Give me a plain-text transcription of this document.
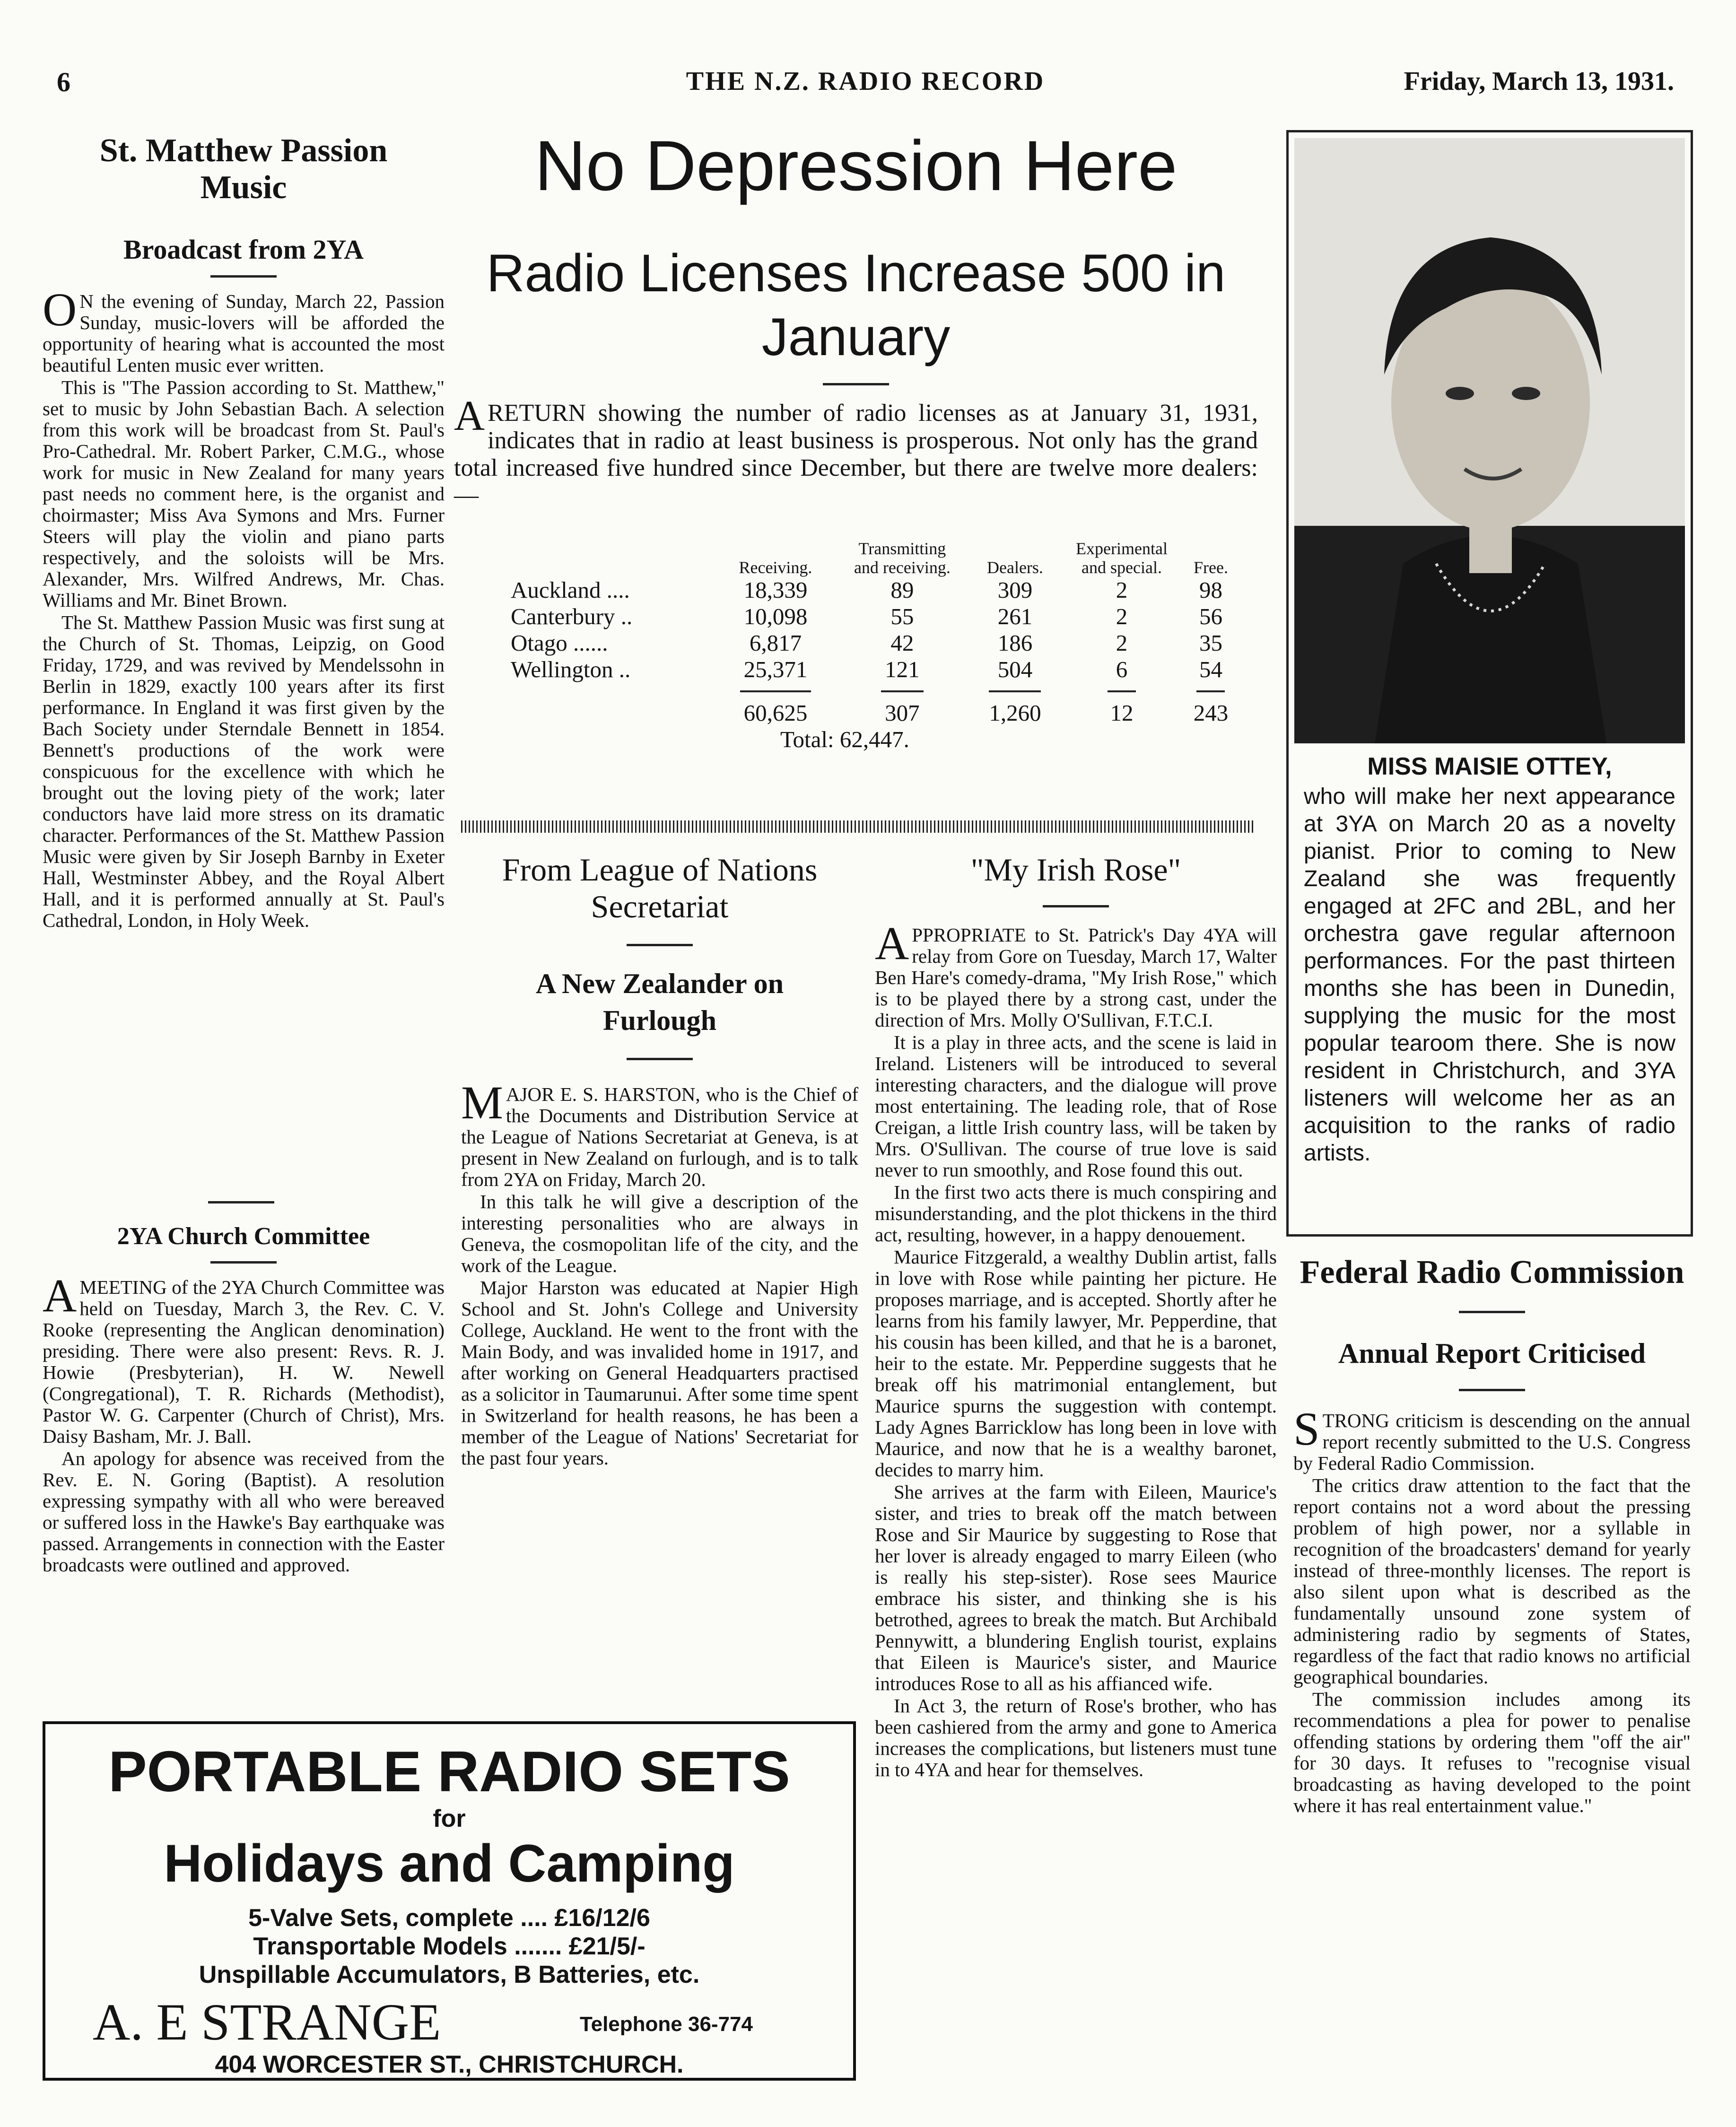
6	THE N.Z. RADIO RECORD	Friday, March 13, 1931.
St. Matthew Passion Music
Broadcast from 2YA

O N the evening of Sunday, March 22, Passion Sunday, music-lovers will be afforded the opportunity of hearing what is accounted the most beautiful Lenten music ever written.

This is "The Passion according to St. Matthew," set to music by John Sebastian Bach. A selection from this work will be broadcast from St. Paul's Pro-Cathedral. Mr. Robert Parker, C.M.G., whose work for music in New Zealand for many years past needs no comment here, is the organist and choirmaster; Miss Ava Symons and Mrs. Furner Steers will play the violin and piano parts respectively, and the soloists will be Mrs. Alexander, Mrs. Wilfred Andrews, Mr. Chas. Williams and Mr. Binet Brown.

The St. Matthew Passion Music was first sung at the Church of St. Thomas, Leipzig, on Good Friday, 1729, and was revived by Mendelssohn in Berlin in 1829, exactly 100 years after its first performance. In England it was first given by the Bach Society under Sterndale Bennett in 1854. Bennett's productions of the work were conspicuous for the excellence with which he brought out the loving piety of the work; later conductors have laid more stress on its dramatic character. Performances of the St. Matthew Passion Music were given by Sir Joseph Barnby in Exeter Hall, Westminster Abbey, and the Royal Albert Hall, and it is performed annually at St. Paul's Cathedral, London, in Holy Week.

2YA Church Committee

AMEETING of the 2YA Church Committee was held on Tuesday, March 3, the Rev. C. V. Rooke (representing the Anglican denomination) presiding. There were also present: Revs. R. J. Howie (Presbyterian), H. W. Newell (Congregational), T. R. Richards (Methodist), Pastor W. G. Carpenter (Church of Christ), Mrs. Daisy Basham, Mr. J. Ball.

An apology for absence was received from the Rev. E. N. Goring (Baptist). A resolution expressing sympathy with all who were bereaved or suffered loss in the Hawke's Bay earthquake was passed. Arrangements in connection with the Easter broadcasts were outlined and approved.

PORTABLE RADIO SETS
for
Holidays and Camping
5-Valve Sets, complete .... £16/12/6
Transportable Models ....... £21/5/-
Unspillable Accumulators, B Batteries, etc.
A. E STRANGE	Telephone 36-774
404 WORCESTER ST., CHRISTCHURCH.
No Depression Here
Radio Licenses Increase 500 in January

ARETURN showing the number of radio licenses as at January 31, 1931, indicates that in radio at least business is prosperous. Not only has the grand total increased five hundred since December, but there are twelve more dealers:—

	Receiving.	Transmitting and receiving.	Dealers.	Experimental and special.	Free.
Auckland ....	18,339	89	309	2	98
Canterbury ..	10,098	55	261	2	56
Otago ......	6,817	42	186	2	35
Wellington ..	25,371	121	504	6	54

	60,625	307	1,260	12	243
Total: 62,447.
From League of Nations Secretariat
A New Zealander on Furlough

MAJOR E. S. HARSTON, who is the Chief of the Documents and Distribution Service at the League of Nations Secretariat at Geneva, is at present in New Zealand on furlough, and is to talk from 2YA on Friday, March 20.

In this talk he will give a description of the interesting personalities who are always in Geneva, the cosmopolitan life of the city, and the work of the League.

Major Harston was educated at Napier High School and St. John's College and University College, Auckland. He went to the front with the Main Body, and was invalided home in 1917, and after working on General Headquarters practised as a solicitor in Taumarunui. After some time spent in Switzerland for health reasons, he has been a member of the League of Nations' Secretariat for the past four years.

"My Irish Rose"

APPROPRIATE to St. Patrick's Day 4YA will relay from Gore on Tuesday, March 17, Walter Ben Hare's comedy-drama, "My Irish Rose," which is to be played there by a strong cast, under the direction of Mrs. Molly O'Sullivan, F.T.C.I.

It is a play in three acts, and the scene is laid in Ireland. Listeners will be introduced to several interesting characters, and the dialogue will prove most entertaining. The leading role, that of Rose Creigan, a little Irish country lass, will be taken by Mrs. O'Sullivan. The course of true love is said never to run smoothly, and Rose found this out.

In the first two acts there is much conspiring and misunderstanding, and the plot thickens in the third act, resulting, however, in a happy denouement.

Maurice Fitzgerald, a wealthy Dublin artist, falls in love with Rose while painting her picture. He proposes marriage, and is accepted. Shortly after he learns from his family lawyer, Mr. Pepperdine, that his cousin has been killed, and that he is a baronet, heir to the estate. Mr. Pepperdine suggests that he break off his matrimonial entanglement, but Maurice spurns the suggestion with contempt. Lady Agnes Barricklow has long been in love with Maurice, and now that he is a wealthy baronet, decides to marry him.

She arrives at the farm with Eileen, Maurice's sister, and tries to break off the match between Rose and Sir Maurice by suggesting to Rose that her lover is already engaged to marry Eileen (who is really his step-sister). Rose sees Maurice embrace his sister, and thinking she is his betrothed, agrees to break the match. But Archibald Pennywitt, a blundering English tourist, explains that Eileen is Maurice's sister, and Maurice introduces Rose to all as his affianced wife.

In Act 3, the return of Rose's brother, who has been cashiered from the army and gone to America increases the complications, but listeners must tune in to 4YA and hear for themselves.

MISS MAISIE OTTEY,

who will make her next appearance at 3YA on March 20 as a novelty pianist. Prior to coming to New Zealand she was frequently engaged at 2FC and 2BL, and her orchestra gave regular afternoon performances. For the past thirteen months she has been in Dunedin, supplying the music for the most popular tearoom there. She is now resident in Christchurch, and 3YA listeners will welcome her as an acquisition to the ranks of radio artists.

Federal Radio Commission
Annual Report Criticised

STRONG criticism is descending on the annual report recently submitted to the U.S. Congress by Federal Radio Commission.

The critics draw attention to the fact that the report contains not a word about the pressing problem of high power, nor a syllable in recognition of the broadcasters' demand for yearly instead of three-monthly licenses. The report is also silent upon what is described as the fundamentally unsound zone system of administering radio by segments of States, regardless of the fact that radio knows no artificial geographical boundaries.

The commission includes among its recommendations a plea for power to penalise offending stations by ordering them "off the air" for 30 days. It refuses to "recognise visual broadcasting as having developed to the point where it has real entertainment value."
